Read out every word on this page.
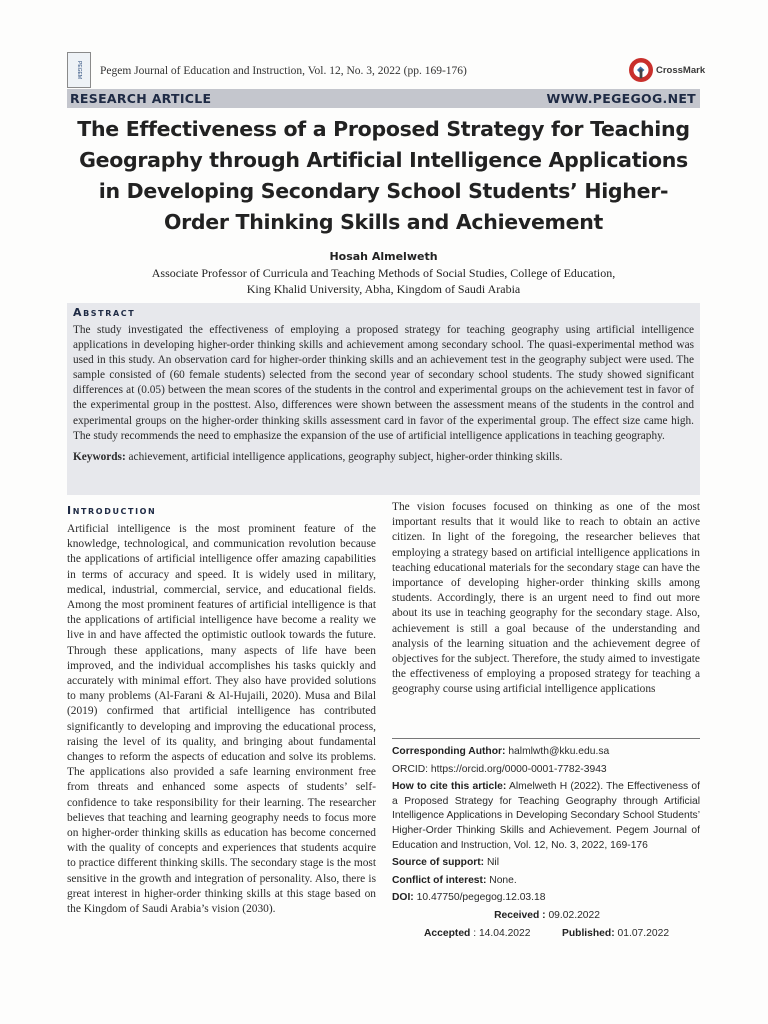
PEGEM	Pegem Journal of Education and Instruction, Vol. 12, No. 3, 2022 (pp. 169-176)	CrossMark
RESEARCH ARTICLE	WWW.PEGEGOG.NET
The Effectiveness of a Proposed Strategy for Teaching Geography through Artificial Intelligence Applications in Developing Secondary School Students’ Higher-Order Thinking Skills and Achievement
Hosah Almelweth
Associate Professor of Curricula and Teaching Methods of Social Studies, College of Education,
King Khalid University, Abha, Kingdom of Saudi Arabia
Abstract

The study investigated the effectiveness of employing a proposed strategy for teaching geography using artificial intelligence applications in developing higher-order thinking skills and achievement among secondary school. The quasi-experimental method was used in this study. An observation card for higher-order thinking skills and an achievement test in the geography subject were used. The sample consisted of (60 female students) selected from the second year of secondary school students. The study showed significant differences at (0.05) between the mean scores of the students in the control and experimental groups on the achievement test in favor of the experimental group in the posttest. Also, differences were shown between the assessment means of the students in the control and experimental groups on the higher-order thinking skills assessment card in favor of the experimental group. The effect size came high. The study recommends the need to emphasize the expansion of the use of artificial intelligence applications in teaching geography.

Keywords: achievement, artificial intelligence applications, geography subject, higher-order thinking skills.

Introduction

Artificial intelligence is the most prominent feature of the knowledge, technological, and communication revolution because the applications of artificial intelligence offer amazing capabilities in terms of accuracy and speed. It is widely used in military, medical, industrial, commercial, service, and educational fields. Among the most prominent features of artificial intelligence is that the applications of artificial intelligence have become a reality we live in and have affected the optimistic outlook towards the future. Through these applications, many aspects of life have been improved, and the individual accomplishes his tasks quickly and accurately with minimal effort. They also have provided solutions to many problems (Al-Farani & Al-Hujaili, 2020). Musa and Bilal (2019) confirmed that artificial intelligence has contributed significantly to developing and improving the educational process, raising the level of its quality, and bringing about fundamental changes to reform the aspects of education and solve its problems. The applications also provided a safe learning environment free from threats and enhanced some aspects of students’ self-confidence to take responsibility for their learning. The researcher believes that teaching and learning geography needs to focus more on higher-order thinking skills as education has become concerned with the quality of concepts and experiences that students acquire to practice different thinking skills. The secondary stage is the most sensitive in the growth and integration of personality. Also, there is great interest in higher-order thinking skills at this stage based on the Kingdom of Saudi Arabia’s vision (2030).

The vision focuses focused on thinking as one of the most important results that it would like to reach to obtain an active citizen. In light of the foregoing, the researcher believes that employing a strategy based on artificial intelligence applications in teaching educational materials for the secondary stage can have the importance of developing higher-order thinking skills among students. Accordingly, there is an urgent need to find out more about its use in teaching geography for the secondary stage. Also, achievement is still a goal because of the understanding and analysis of the learning situation and the achievement degree of objectives for the subject. Therefore, the study aimed to investigate the effectiveness of employing a proposed strategy for teaching a geography course using artificial intelligence applications

Corresponding Author: halmlwth@kku.edu.sa

ORCID: https://orcid.org/0000-0001-7782-3943

How to cite this article: Almelweth H (2022). The Effectiveness of a Proposed Strategy for Teaching Geography through Artificial Intelligence Applications in Developing Secondary School Students’ Higher-Order Thinking Skills and Achievement. Pegem Journal of Education and Instruction, Vol. 12, No. 3, 2022, 169-176

Source of support: Nil

Conflict of interest: None.

DOI: 10.47750/pegegog.12.03.18

Received : 09.02.2022

Accepted : 14.04.2022	Published: 01.07.2022
